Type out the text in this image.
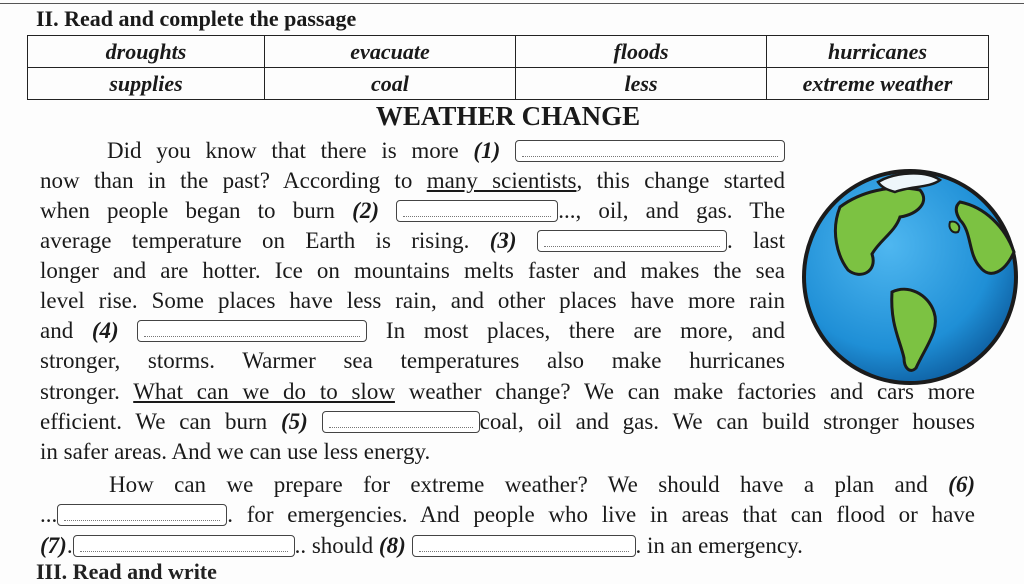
II. Read and complete the passage
droughts	evacuate	floods	hurricanes
supplies	coal	less	extreme weather
WEATHER CHANGE
Did you know that there is more (1)
now than in the past? According to many scientists, this change started
when people began to burn (2)	..., oil, and gas. The
average temperature on Earth is rising. (3)	. last
longer and are hotter. Ice on mountains melts faster and makes the sea
level rise. Some places have less rain, and other places have more rain
and (4)	In most places, there are more, and
stronger, storms. Warmer sea temperatures also make hurricanes
stronger. What can we do to slow weather change? We can make factories and cars more
efficient. We can burn (5)	coal, oil and gas. We can build stronger houses
in safer areas. And we can use less energy.
How can we prepare for extreme weather? We should have a plan and (6)
...	. for emergencies. And people who live in areas that can flood or have
(7).	.. should (8)	. in an emergency.
III. Read and write
